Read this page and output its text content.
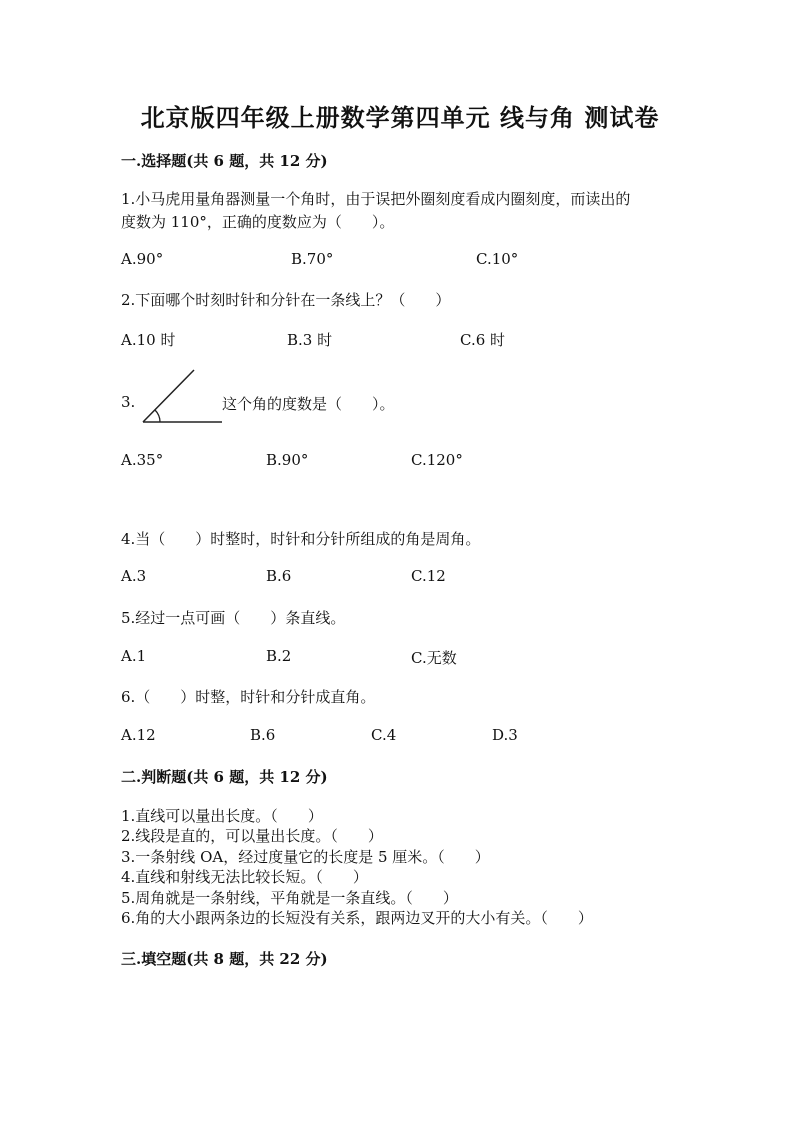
北京版四年级上册数学第四单元 线与角 测试卷
一.选择题(共 6 题，共 12 分)
1.小马虎用量角器测量一个角时，由于误把外圈刻度看成内圈刻度，而读出的
度数为 110°，正确的度数应为（　　）。
A.90°	B.70°	C.10°
2.下面哪个时刻时针和分针在一条线上？（　　）
A.10 时	B.3 时	C.6 时
3.	这个角的度数是（　　）。
A.35°	B.90°	C.120°
4.当（　　）时整时，时针和分针所组成的角是周角。
A.3	B.6	C.12
5.经过一点可画（　　）条直线。
A.1	B.2	C.无数
6.（　　）时整，时针和分针成直角。
A.12	B.6	C.4	D.3
二.判断题(共 6 题，共 12 分)
1.直线可以量出长度。（　　）
2.线段是直的，可以量出长度。（　　）
3.一条射线 OA，经过度量它的长度是 5 厘米。（　　）
4.直线和射线无法比较长短。（　　）
5.周角就是一条射线，平角就是一条直线。（　　）
6.角的大小跟两条边的长短没有关系，跟两边叉开的大小有关。（　　）
三.填空题(共 8 题，共 22 分)
